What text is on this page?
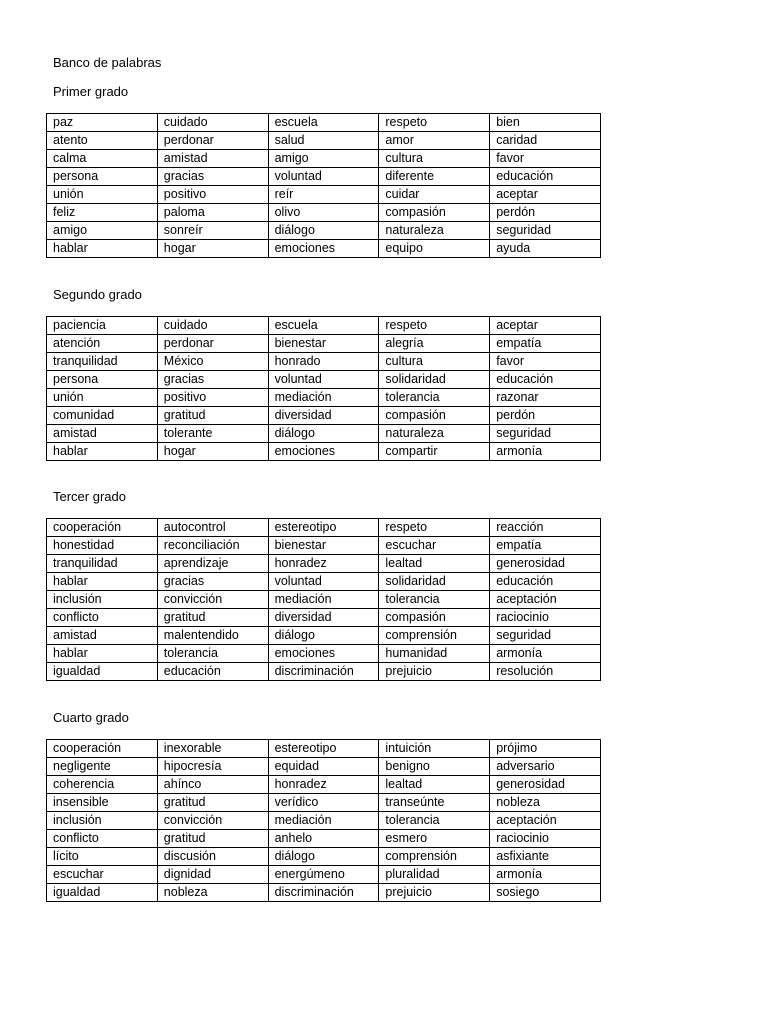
Banco de palabras
Primer grado
paz	cuidado	escuela	respeto	bien
atento	perdonar	salud	amor	caridad
calma	amistad	amigo	cultura	favor
persona	gracias	voluntad	diferente	educación
unión	positivo	reír	cuidar	aceptar
feliz	paloma	olivo	compasión	perdón
amigo	sonreír	diálogo	naturaleza	seguridad
hablar	hogar	emociones	equipo	ayuda
Segundo grado
paciencia	cuidado	escuela	respeto	aceptar
atención	perdonar	bienestar	alegría	empatía
tranquilidad	México	honrado	cultura	favor
persona	gracias	voluntad	solidaridad	educación
unión	positivo	mediación	tolerancia	razonar
comunidad	gratitud	diversidad	compasión	perdón
amistad	tolerante	diálogo	naturaleza	seguridad
hablar	hogar	emociones	compartir	armonía
Tercer grado
cooperación	autocontrol	estereotipo	respeto	reacción
honestidad	reconciliación	bienestar	escuchar	empatía
tranquilidad	aprendizaje	honradez	lealtad	generosidad
hablar	gracias	voluntad	solidaridad	educación
inclusión	convicción	mediación	tolerancia	aceptación
conflicto	gratitud	diversidad	compasión	raciocinio
amistad	malentendido	diálogo	comprensión	seguridad
hablar	tolerancia	emociones	humanidad	armonía
igualdad	educación	discriminación	prejuicio	resolución
Cuarto grado
cooperación	inexorable	estereotipo	intuición	prójimo
negligente	hipocresía	equidad	benigno	adversario
coherencia	ahínco	honradez	lealtad	generosidad
insensible	gratitud	verídico	transeúnte	nobleza
inclusión	convicción	mediación	tolerancia	aceptación
conflicto	gratitud	anhelo	esmero	raciocinio
lícito	discusión	diálogo	comprensión	asfixiante
escuchar	dignidad	energúmeno	pluralidad	armonía
igualdad	nobleza	discriminación	prejuicio	sosiego
